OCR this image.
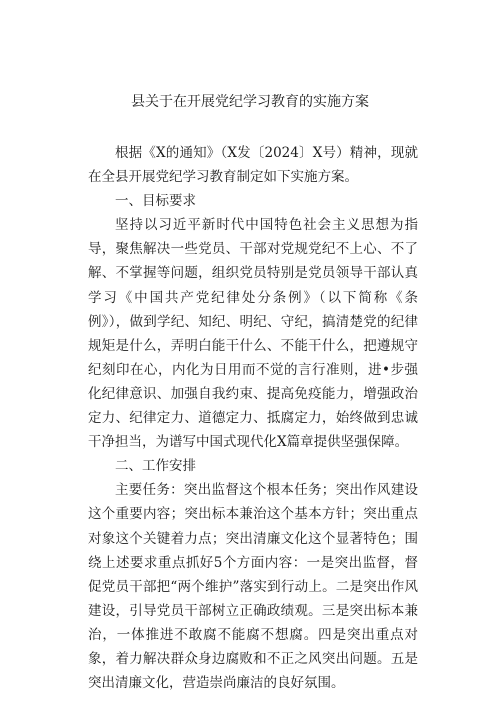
县关于在开展党纪学习教育的实施方案

根据《X的通知》（X发〔2024〕X号）精神，现就在全县开展党纪学习教育制定如下实施方案。

一、目标要求

坚持以习近平新时代中国特色社会主义思想为指导，聚焦解决一些党员、干部对党规党纪不上心、不了解、不掌握等问题，组织党员特别是党员领导干部认真学习《中国共产党纪律处分条例》（以下简称《条例》），做到学纪、知纪、明纪、守纪，搞清楚党的纪律规矩是什么，弄明白能干什么、不能干什么，把遵规守纪刻印在心，内化为日用而不觉的言行准则，进•步强化纪律意识、加强自我约束、提高免疫能力，增强政治定力、纪律定力、道德定力、抵腐定力，始终做到忠诚干净担当，为谱写中国式现代化X篇章提供坚强保障。

二、工作安排

主要任务：突出监督这个根本任务；突出作风建设这个重要内容；突出标本兼治这个基本方针；突出重点对象这个关键着力点；突出清廉文化这个显著特色；围绕上述要求重点抓好5个方面内容：一是突出监督，督促党员干部把“两个维护”落实到行动上。二是突出作风建设，引导党员干部树立正确政绩观。三是突出标本兼治，一体推进不敢腐不能腐不想腐。四是突出重点对象，着力解决群众身边腐败和不正之风突出问题。五是突出清廉文化，营造崇尚廉洁的良好氛围。
